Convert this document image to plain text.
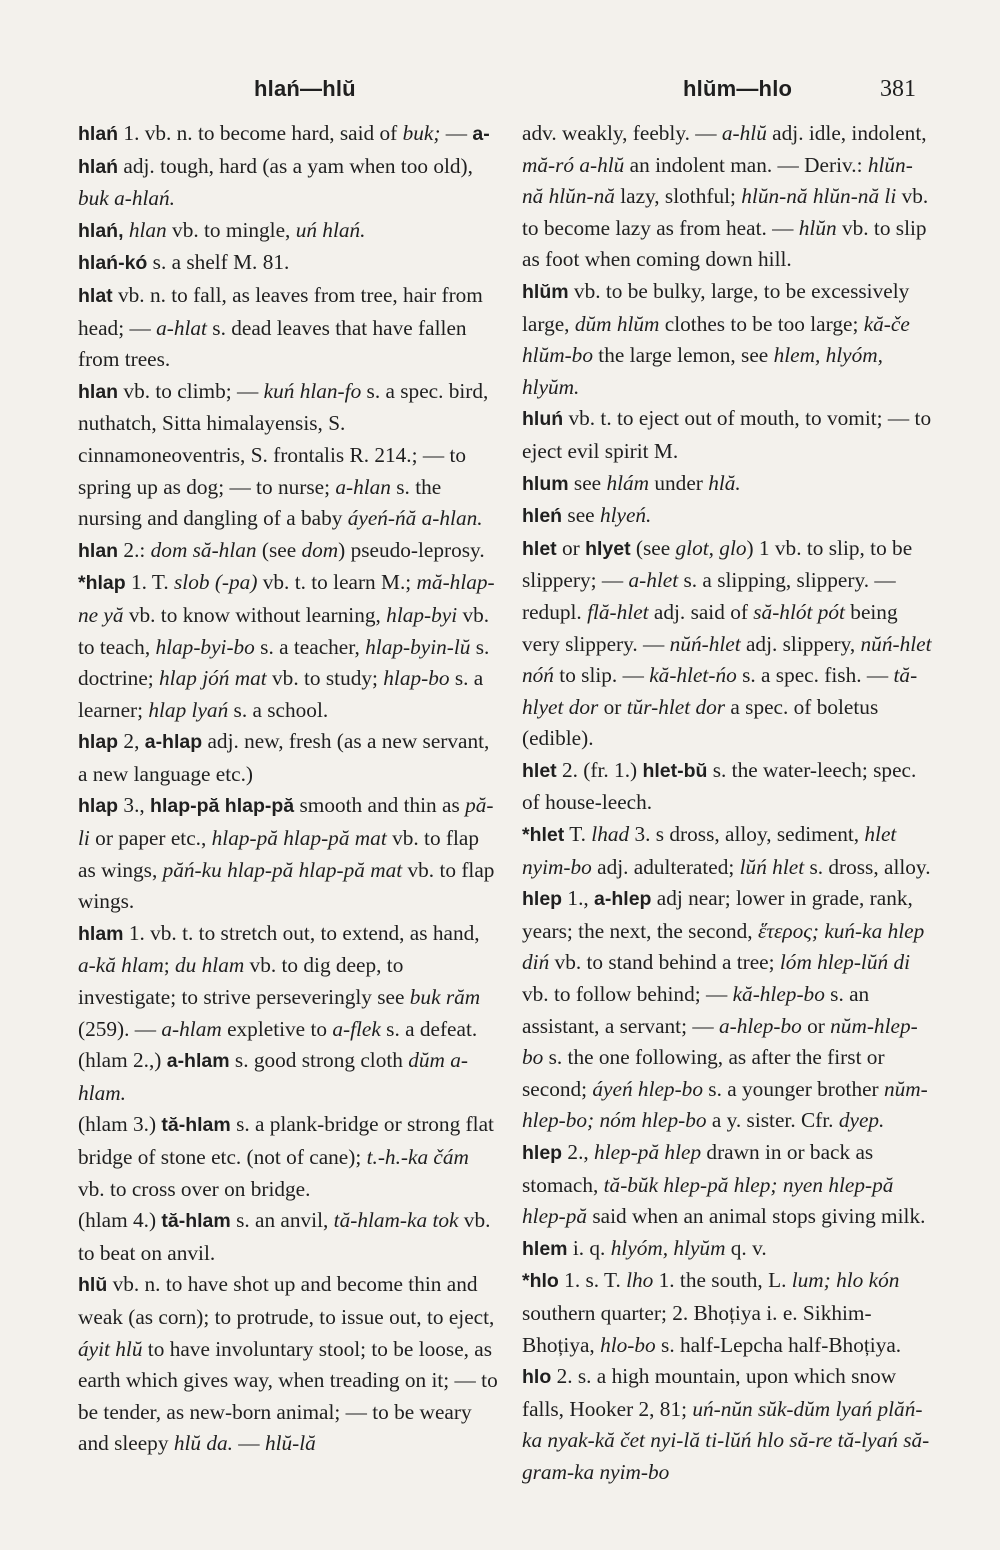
hlań—hlŭ	hlŭm—hlo	381

hlań 1. vb. n. to become hard, said of buk; — a-hlań adj. tough, hard (as a yam when too old), buk a-hlań.

hlań, hlan vb. to mingle, uń hlań.

hlań-kó s. a shelf M. 81.

hlat vb. n. to fall, as leaves from tree, hair from head; — a-hlat s. dead leaves that have fallen from trees.

hlan vb. to climb; — kuń hlan-fo s. a spec. bird, nuthatch, Sitta himalayensis, S. cinnamoneoventris, S. frontalis R. 214.; — to spring up as dog; — to nurse; a-hlan s. the nursing and dangling of a baby áyeń-ńă a-hlan.

hlan 2.: dom să-hlan (see dom) pseudo-leprosy.

*hlap 1. T. slob (-pa) vb. t. to learn M.; mă-hlap-ne yă vb. to know without learning, hlap-byi vb. to teach, hlap-byi-bo s. a teacher, hlap-byin-lŭ s. doctrine; hlap jóń mat vb. to study; hlap-bo s. a learner; hlap lyań s. a school.

hlap 2, a-hlap adj. new, fresh (as a new servant, a new language etc.)

hlap 3., hlap-pă hlap-pă smooth and thin as pă-li or paper etc., hlap-pă hlap-pă mat vb. to flap as wings, păń-ku hlap-pă hlap-pă mat vb. to flap wings.

hlam 1. vb. t. to stretch out, to extend, as hand, a-kă hlam; du hlam vb. to dig deep, to investigate; to strive perseveringly see buk răm (259). — a-hlam expletive to a-flek s. a defeat.

(hlam 2.,) a-hlam s. good strong cloth dŭm a-hlam.

(hlam 3.) tă-hlam s. a plank-bridge or strong flat bridge of stone etc. (not of cane); t.-h.-ka čám vb. to cross over on bridge.

(hlam 4.) tă-hlam s. an anvil, tă-hlam-ka tok vb. to beat on anvil.

hlŭ vb. n. to have shot up and become thin and weak (as corn); to protrude, to issue out, to eject, áyit hlŭ to have involuntary stool; to be loose, as earth which gives way, when treading on it; — to be tender, as new-born animal; — to be weary and sleepy hlŭ da. — hlŭ-lă

adv. weakly, feebly. — a-hlŭ adj. idle, indolent, mă-ró a-hlŭ an indolent man. — Deriv.: hlŭn-nă hlŭn-nă lazy, slothful; hlŭn-nă hlŭn-nă li vb. to become lazy as from heat. — hlŭn vb. to slip as foot when coming down hill.

hlŭm vb. to be bulky, large, to be excessively large, dŭm hlŭm clothes to be too large; kă-če hlŭm-bo the large lemon, see hlem, hlyóm, hlyŭm.

hluń vb. t. to eject out of mouth, to vomit; — to eject evil spirit M.

hlum see hlám under hlă.

hleń see hlyeń.

hlet or hlyet (see glot, glo) 1 vb. to slip, to be slippery; — a-hlet s. a slipping, slippery. — redupl. flă-hlet adj. said of să-hlót pót being very slippery. — nŭń-hlet adj. slippery, nŭń-hlet nóń to slip. — kă-hlet-ńo s. a spec. fish. — tă-hlyet dor or tŭr-hlet dor a spec. of boletus (edible).

hlet 2. (fr. 1.) hlet-bŭ s. the water-leech; spec. of house-leech.

*hlet T. lhad 3. s dross, alloy, sediment, hlet nyim-bo adj. adulterated; lŭń hlet s. dross, alloy.

hlep 1., a-hlep adj near; lower in grade, rank, years; the next, the second, ἕτερος; kuń-ka hlep diń vb. to stand behind a tree; lóm hlep-lŭń di vb. to follow behind; — kă-hlep-bo s. an assistant, a servant; — a-hlep-bo or nŭm-hlep-bo s. the one following, as after the first or second; áyeń hlep-bo s. a younger brother nŭm-hlep-bo; nóm hlep-bo a y. sister. Cfr. dyep.

hlep 2., hlep-pă hlep drawn in or back as stomach, tă-bŭk hlep-pă hlep; nyen hlep-pă hlep-pă said when an animal stops giving milk.

hlem i. q. hlyóm, hlyŭm q. v.

*hlo 1. s. T. lho 1. the south, L. lum; hlo kón southern quarter; 2. Bhoțiya i. e. Sikhim-Bhoțiya, hlo-bo s. half-Lepcha half-Bhoțiya.

hlo 2. s. a high mountain, upon which snow falls, Hooker 2, 81; uń-nŭn sŭk-dŭm lyań plăń-ka nyak-kă čet nyi-lă ti-lŭń hlo să-re tă-lyań să-gram-ka nyim-bo
